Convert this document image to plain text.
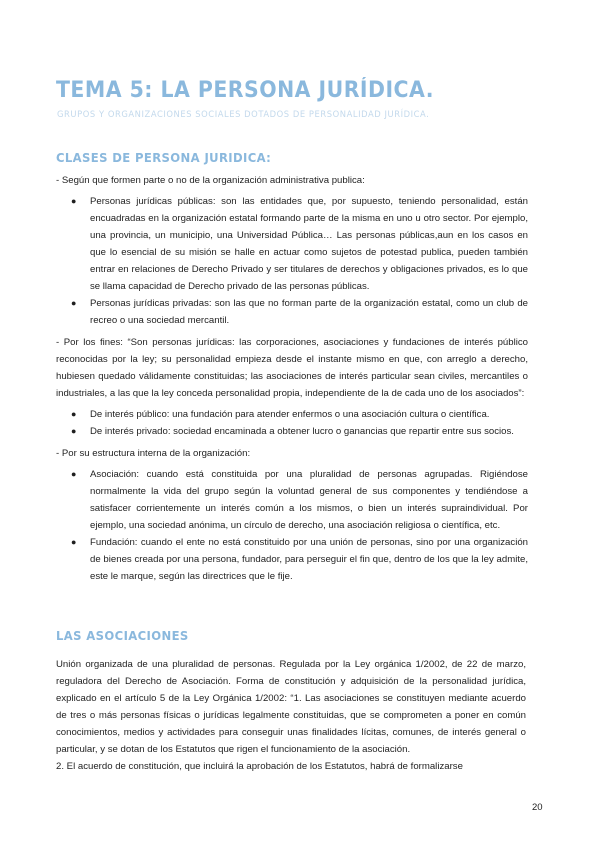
TEMA 5: LA PERSONA JURÍDICA.

GRUPOS Y ORGANIZACIONES SOCIALES DOTADOS DE PERSONALIDAD JURÍDICA.

CLASES DE PERSONA JURIDICA:

- Según que formen parte o no de la organización administrativa publica:

● Personas jurídicas públicas: son las entidades que, por supuesto, teniendo personalidad, están encuadradas en la organización estatal formando parte de la misma en uno u otro sector. Por ejemplo, una provincia, un municipio, una Universidad Pública… Las personas públicas,aun en los casos en que lo esencial de su misión se halle en actuar como sujetos de potestad publica, pueden también entrar en relaciones de Derecho Privado y ser titulares de derechos y obligaciones privados, es lo que se llama capacidad de Derecho privado de las personas públicas.
● Personas jurídicas privadas: son las que no forman parte de la organización estatal, como un club de recreo o una sociedad mercantil.

- Por los fines: “Son personas jurídicas: las corporaciones, asociaciones y fundaciones de interés público reconocidas por la ley; su personalidad empieza desde el instante mismo en que, con arreglo a derecho, hubiesen quedado válidamente constituidas; las asociaciones de interés particular sean civiles, mercantiles o industriales, a las que la ley conceda personalidad propia, independiente de la de cada uno de los asociados”:

● De interés público: una fundación para atender enfermos o una asociación cultura o científica.
● De interés privado: sociedad encaminada a obtener lucro o ganancias que repartir entre sus socios.

- Por su estructura interna de la organización:

● Asociación: cuando está constituida por una pluralidad de personas agrupadas. Rigiéndose normalmente la vida del grupo según la voluntad general de sus componentes y tendiéndose a satisfacer corrientemente un interés común a los mismos, o bien un interés supraindividual. Por ejemplo, una sociedad anónima, un círculo de derecho, una asociación religiosa o científica, etc.
● Fundación: cuando el ente no está constituido por una unión de personas, sino por una organización de bienes creada por una persona, fundador, para perseguir el fin que, dentro de los que la ley admite, este le marque, según las directrices que le fije.
LAS ASOCIACIONES

Unión organizada de una pluralidad de personas. Regulada por la Ley orgánica 1/2002, de 22 de marzo, reguladora del Derecho de Asociación. Forma de constitución y adquisición de la personalidad jurídica, explicado en el artículo 5 de la Ley Orgánica 1/2002: “1. Las asociaciones se constituyen mediante acuerdo de tres o más personas físicas o jurídicas legalmente constituidas, que se comprometen a poner en común conocimientos, medios y actividades para conseguir unas finalidades lícitas, comunes, de interés general o particular, y se dotan de los Estatutos que rigen el funcionamiento de la asociación.

2. El acuerdo de constitución, que incluirá la aprobación de los Estatutos, habrá de formalizarse

20
